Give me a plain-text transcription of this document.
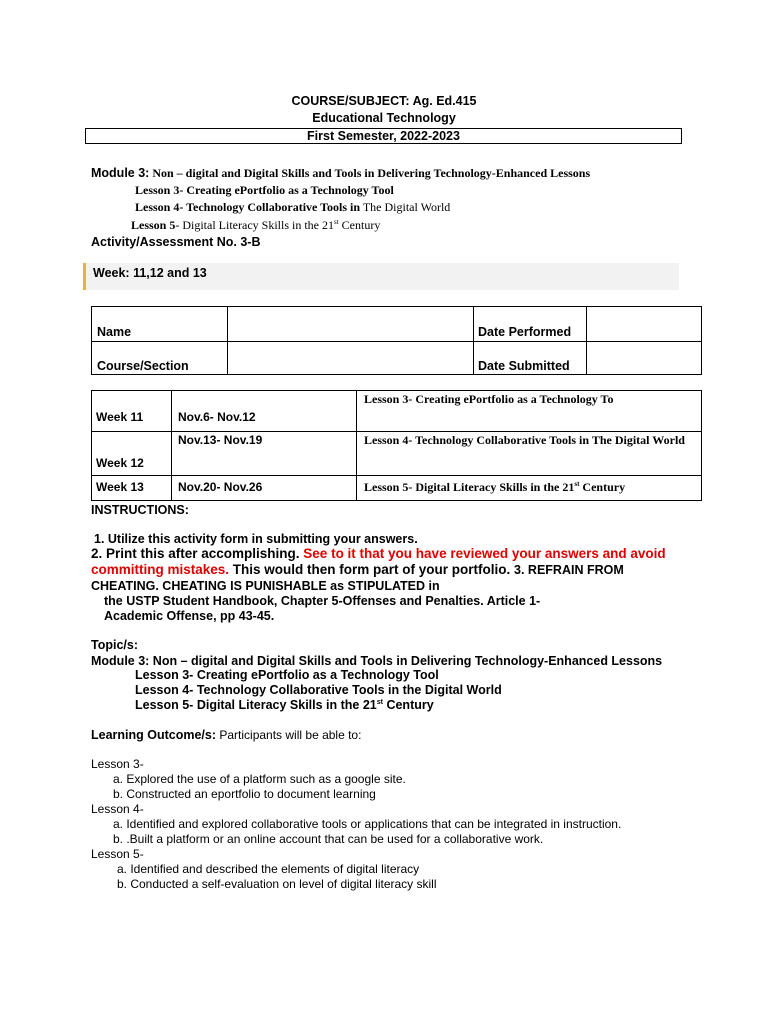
COURSE/SUBJECT: Ag. Ed.415
Educational Technology
First Semester, 2022-2023
Module 3: Non – digital and Digital Skills and Tools in Delivering Technology-Enhanced Lessons
Lesson 3- Creating ePortfolio as a Technology Tool
Lesson 4- Technology Collaborative Tools in The Digital World
Lesson 5- Digital Literacy Skills in the 21st Century
Activity/Assessment No. 3-B
Week: 11,12 and 13
Name		Date Performed	
Course/Section		Date Submitted	
Week 11	Nov.6- Nov.12	Lesson 3- Creating ePortfolio as a Technology To
Week 12	Nov.13- Nov.19	Lesson 4- Technology Collaborative Tools in The Digital World
Week 13	Nov.20- Nov.26	Lesson 5- Digital Literacy Skills in the 21st Century
INSTRUCTIONS:
1. Utilize this activity form in submitting your answers.
2. Print this after accomplishing. See to it that you have reviewed your answers and avoid committing mistakes. This would then form part of your portfolio. 3. REFRAIN FROM CHEATING. CHEATING IS PUNISHABLE as STIPULATED in
the USTP Student Handbook, Chapter 5-Offenses and Penalties. Article 1-
Academic Offense, pp 43-45.
Topic/s:
Module 3: Non – digital and Digital Skills and Tools in Delivering Technology-Enhanced Lessons
Lesson 3- Creating ePortfolio as a Technology Tool
Lesson 4- Technology Collaborative Tools in the Digital World
Lesson 5- Digital Literacy Skills in the 21st Century
Learning Outcome/s: Participants will be able to:
Lesson 3-
a. Explored the use of a platform such as a google site.
b. Constructed an eportfolio to document learning
Lesson 4-
a. Identified and explored collaborative tools or applications that can be integrated in instruction.
b. .Built a platform or an online account that can be used for a collaborative work.
Lesson 5-
a. Identified and described the elements of digital literacy
b. Conducted a self-evaluation on level of digital literacy skill
